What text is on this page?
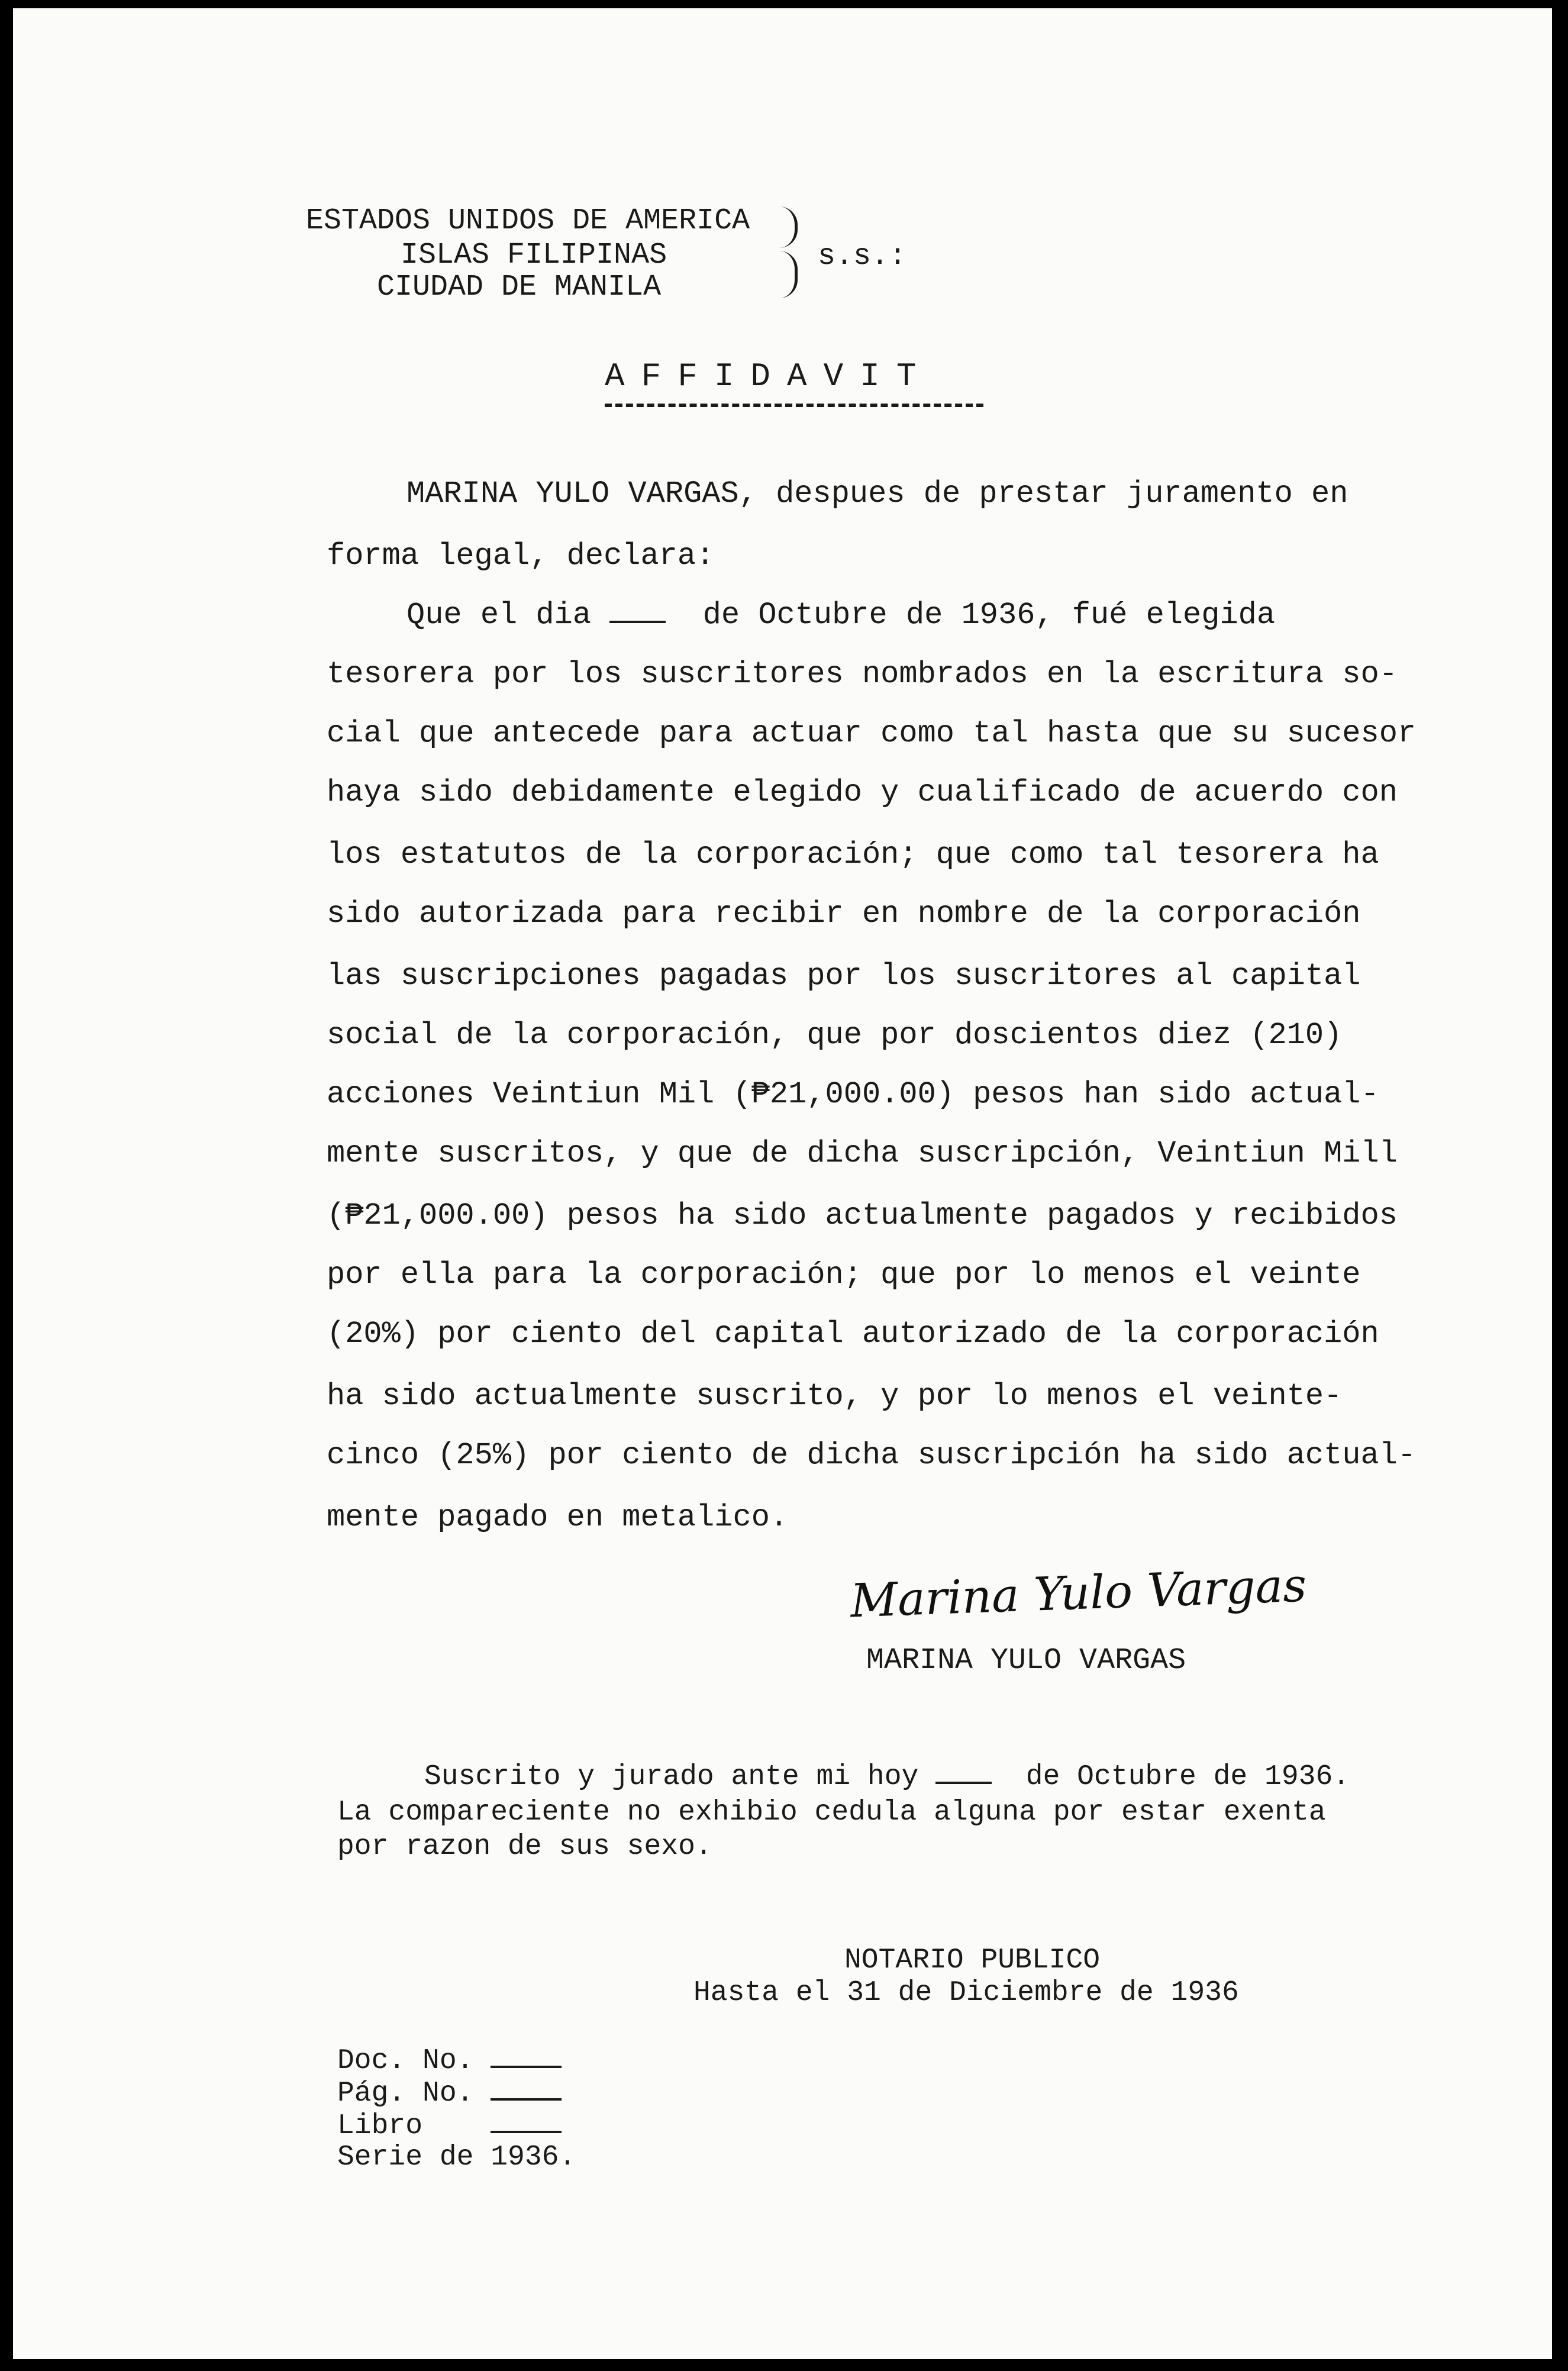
ESTADOS UNIDOS DE AMERICA
ISLAS FILIPINAS
CIUDAD DE MANILA
s.s.:
AFFIDAVIT
MARINA YULO VARGAS, despues de prestar juramento en
forma legal, declara:
Que el dia	de Octubre de 1936, fué elegida
tesorera por los suscritores nombrados en la escritura so-
cial que antecede para actuar como tal hasta que su sucesor
haya sido debidamente elegido y cualificado de acuerdo con
los estatutos de la corporación; que como tal tesorera ha
sido autorizada para recibir en nombre de la corporación
las suscripciones pagadas por los suscritores al capital
social de la corporación, que por doscientos diez (210)
acciones Veintiun Mil (₱21,000.00) pesos han sido actual-
mente suscritos, y que de dicha suscripción, Veintiun Mill
(₱21,000.00) pesos ha sido actualmente pagados y recibidos
por ella para la corporación; que por lo menos el veinte
(20%) por ciento del capital autorizado de la corporación
ha sido actualmente suscrito, y por lo menos el veinte-
cinco (25%) por ciento de dicha suscripción ha sido actual-
mente pagado en metalico.
Marina Yulo Vargas
MARINA YULO VARGAS
Suscrito y jurado ante mi hoy	de Octubre de 1936.
La compareciente no exhibio cedula alguna por estar exenta
por razon de sus sexo.
NOTARIO PUBLICO
Hasta el 31 de Diciembre de 1936
Doc. No.
Pág. No.
Libro
Serie de 1936.
